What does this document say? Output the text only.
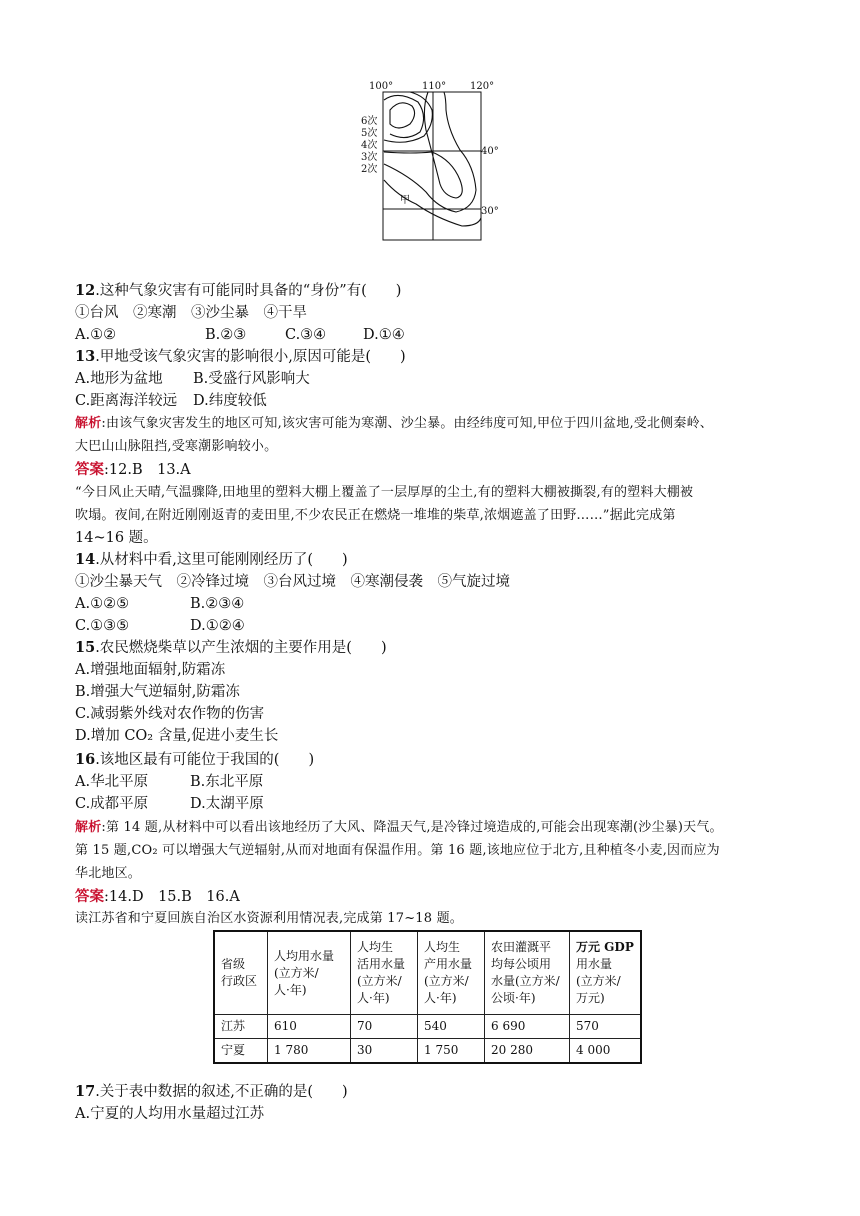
100°	110° 120°
40°
30°
6次
5次
4次
3次
2次
甲
12.这种气象灾害有可能同时具备的“身份”有(　　)
①台风　②寒潮　③沙尘暴　④干旱
A.①②	B.②③	C.③④	D.①④
13.甲地受该气象灾害的影响很小,原因可能是(　　)
A.地形为盆地 B.受盛行风影响大
C.距离海洋较远 D.纬度较低
解析:由该气象灾害发生的地区可知,该灾害可能为寒潮、沙尘暴。由经纬度可知,甲位于四川盆地,受北侧秦岭、
大巴山山脉阻挡,受寒潮影响较小。
答案:12.B　13.A
“今日风止天晴,气温骤降,田地里的塑料大棚上覆盖了一层厚厚的尘土,有的塑料大棚被撕裂,有的塑料大棚被
吹塌。夜间,在附近刚刚返青的麦田里,不少农民正在燃烧一堆堆的柴草,浓烟遮盖了田野……”据此完成第
14~16 题。
14.从材料中看,这里可能刚刚经历了(　　)
①沙尘暴天气　②冷锋过境　③台风过境　④寒潮侵袭　⑤气旋过境
A.①②⑤	B.②③④
C.①③⑤	D.①②④
15.农民燃烧柴草以产生浓烟的主要作用是(　　)
A.增强地面辐射,防霜冻
B.增强大气逆辐射,防霜冻
C.减弱紫外线对农作物的伤害
D.增加 CO₂ 含量,促进小麦生长
16.该地区最有可能位于我国的(　　)
A.华北平原	B.东北平原
C.成都平原	D.太湖平原
解析:第 14 题,从材料中可以看出该地经历了大风、降温天气,是冷锋过境造成的,可能会出现寒潮(沙尘暴)天气。
第 15 题,CO₂ 可以增强大气逆辐射,从而对地面有保温作用。第 16 题,该地应位于北方,且种植冬小麦,因而应为
华北地区。
答案:14.D　15.B　16.A
读江苏省和宁夏回族自治区水资源利用情况表,完成第 17~18 题。
省级
行政区	人均用水量
(立方米/
人·年)	人均生
活用水量
(立方米/
人·年)	人均生
产用水量
(立方米/
人·年)	农田灌溉平
均每公顷用
水量(立方米/
公顷·年)	万元 GDP
用水量
(立方米/
万元)
江苏	610	70	540	6 690	570
宁夏	1 780	30	1 750	20 280	4 000
17.关于表中数据的叙述,不正确的是(　　)
A.宁夏的人均用水量超过江苏
